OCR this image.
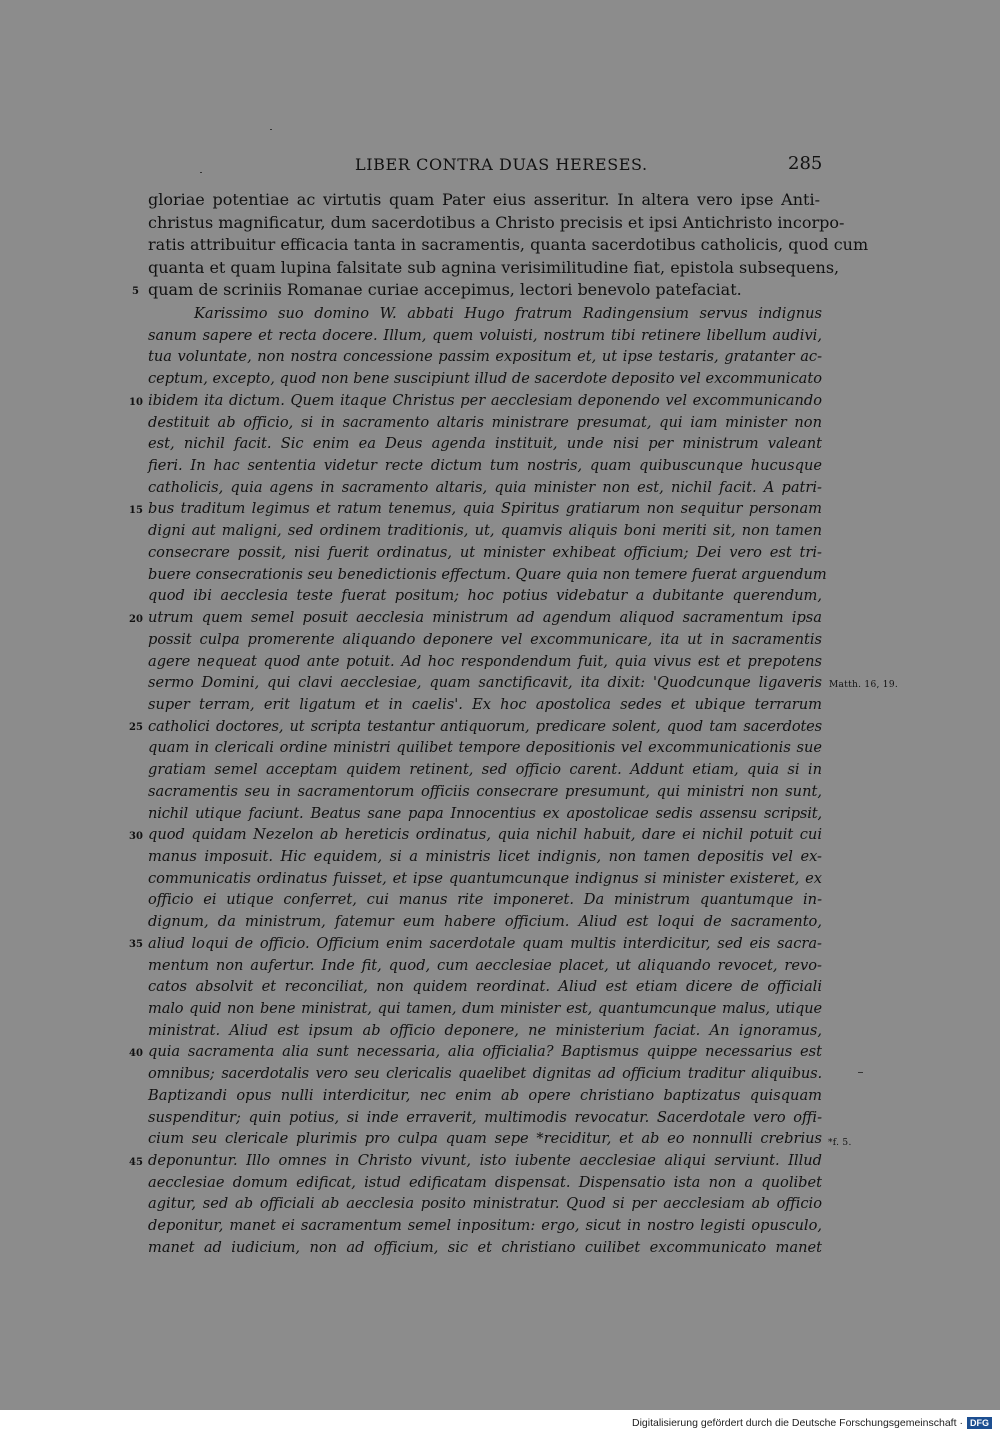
LIBER CONTRA DUAS HERESES.	285
gloriae potentiae ac virtutis quam Pater eius asseritur. In altera vero ipse Anti-
christus magnificatur, dum sacerdotibus a Christo precisis et ipsi Antichristo incorpo-
ratis attribuitur efficacia tanta in sacramentis, quanta sacerdotibus catholicis, quod cum
quanta et quam lupina falsitate sub agnina verisimilitudine fiat, epistola subsequens,
quam de scriniis Romanae curiae accepimus, lectori benevolo patefaciat.
Karissimo suo domino W. abbati Hugo fratrum Radingensium servus indignus
sanum sapere et recta docere. Illum, quem voluisti, nostrum tibi retinere libellum audivi,
tua voluntate, non nostra concessione passim expositum et, ut ipse testaris, gratanter ac-
ceptum, excepto, quod non bene suscipiunt illud de sacerdote deposito vel excommunicato
ibidem ita dictum. Quem itaque Christus per aecclesiam deponendo vel excommunicando
destituit ab officio, si in sacramento altaris ministrare presumat, qui iam minister non
est, nichil facit. Sic enim ea Deus agenda instituit, unde nisi per ministrum valeant
fieri. In hac sententia videtur recte dictum tum nostris, quam quibuscunque hucusque
catholicis, quia agens in sacramento altaris, quia minister non est, nichil facit. A patri-
bus traditum legimus et ratum tenemus, quia Spiritus gratiarum non sequitur personam
digni aut maligni, sed ordinem traditionis, ut, quamvis aliquis boni meriti sit, non tamen
consecrare possit, nisi fuerit ordinatus, ut minister exhibeat officium; Dei vero est tri-
buere consecrationis seu benedictionis effectum. Quare quia non temere fuerat arguendum
quod ibi aecclesia teste fuerat positum; hoc potius videbatur a dubitante querendum,
utrum quem semel posuit aecclesia ministrum ad agendum aliquod sacramentum ipsa
possit culpa promerente aliquando deponere vel excommunicare, ita ut in sacramentis
agere nequeat quod ante potuit. Ad hoc respondendum fuit, quia vivus est et prepotens
sermo Domini, qui clavi aecclesiae, quam sanctificavit, ita dixit: 'Quodcunque ligaveris
super terram, erit ligatum et in caelis'. Ex hoc apostolica sedes et ubique terrarum
catholici doctores, ut scripta testantur antiquorum, predicare solent, quod tam sacerdotes
quam in clericali ordine ministri quilibet tempore depositionis vel excommunicationis sue
gratiam semel acceptam quidem retinent, sed officio carent. Addunt etiam, quia si in
sacramentis seu in sacramentorum officiis consecrare presumunt, qui ministri non sunt,
nichil utique faciunt. Beatus sane papa Innocentius ex apostolicae sedis assensu scripsit,
quod quidam Nezelon ab hereticis ordinatus, quia nichil habuit, dare ei nichil potuit cui
manus imposuit. Hic equidem, si a ministris licet indignis, non tamen depositis vel ex-
communicatis ordinatus fuisset, et ipse quantumcunque indignus si minister existeret, ex
officio ei utique conferret, cui manus rite imponeret. Da ministrum quantumque in-
dignum, da ministrum, fatemur eum habere officium. Aliud est loqui de sacramento,
aliud loqui de officio. Officium enim sacerdotale quam multis interdicitur, sed eis sacra-
mentum non aufertur. Inde fit, quod, cum aecclesiae placet, ut aliquando revocet, revo-
catos absolvit et reconciliat, non quidem reordinat. Aliud est etiam dicere de officiali
malo quid non bene ministrat, qui tamen, dum minister est, quantumcunque malus, utique
ministrat. Aliud est ipsum ab officio deponere, ne ministerium faciat. An ignoramus,
quia sacramenta alia sunt necessaria, alia officialia? Baptismus quippe necessarius est
omnibus; sacerdotalis vero seu clericalis quaelibet dignitas ad officium traditur aliquibus.
Baptizandi opus nulli interdicitur, nec enim ab opere christiano baptizatus quisquam
suspenditur; quin potius, si inde erraverit, multimodis revocatur. Sacerdotale vero offi-
cium seu clericale plurimis pro culpa quam sepe *reciditur, et ab eo nonnulli crebrius
deponuntur. Illo omnes in Christo vivunt, isto iubente aecclesiae aliqui serviunt. Illud
aecclesiae domum edificat, istud edificatam dispensat. Dispensatio ista non a quolibet
agitur, sed ab officiali ab aecclesia posito ministratur. Quod si per aecclesiam ab officio
deponitur, manet ei sacramentum semel inpositum: ergo, sicut in nostro legisti opusculo,
manet ad iudicium, non ad officium, sic et christiano cuilibet excommunicato manet
5
10
15
20
25
30
35
40
45
Matth. 16, 19.
*f. 5.
Digitalisierung gefördert durch die Deutsche Forschungsgemeinschaft · DFG
